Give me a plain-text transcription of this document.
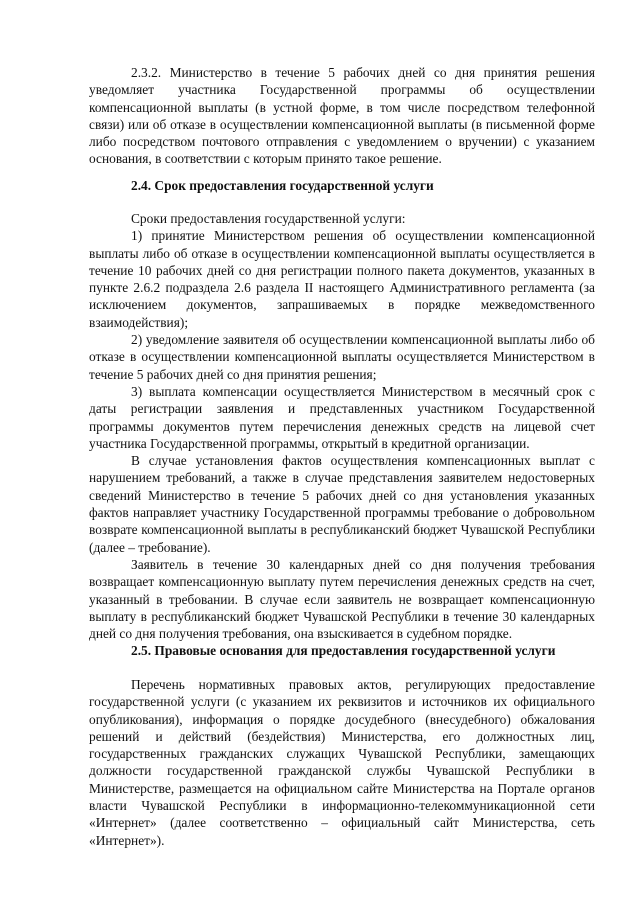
2.3.2. Министерство в течение 5 рабочих дней со дня принятия решения уведомляет участника Государственной программы об осуществлении компенсационной выплаты (в устной форме, в том числе посредством телефонной связи) или об отказе в осуществлении компенсационной выплаты (в письменной форме либо посредством почтового отправления с уведомлением о вручении) с указанием основания, в соответствии с которым принято такое решение.

2.4. Срок предоставления государственной услуги

Сроки предоставления государственной услуги:

1) принятие Министерством решения об осуществлении компенсационной выплаты либо об отказе в осуществлении компенсационной выплаты осуществляется в течение 10 рабочих дней со дня регистрации полного пакета документов, указанных в пункте 2.6.2 подраздела 2.6 раздела II настоящего Административного регламента (за исключением документов, запрашиваемых в порядке межведомственного взаимодействия);

2) уведомление заявителя об осуществлении компенсационной выплаты либо об отказе в осуществлении компенсационной выплаты осуществляется Министерством в течение 5 рабочих дней со дня принятия решения;

3) выплата компенсации осуществляется Министерством в месячный срок с даты регистрации заявления и представленных участником Государственной программы документов путем перечисления денежных средств на лицевой счет участника Государственной программы, открытый в кредитной организации.

В случае установления фактов осуществления компенсационных выплат с нарушением требований, а также в случае представления заявителем недостоверных сведений Министерство в течение 5 рабочих дней со дня установления указанных фактов направляет участнику Государственной программы требование о добровольном возврате компенсационной выплаты в республиканский бюджет Чувашской Республики (далее – требование).

Заявитель в течение 30 календарных дней со дня получения требования возвращает компенсационную выплату путем перечисления денежных средств на счет, указанный в требовании. В случае если заявитель не возвращает компенсационную выплату в республиканский бюджет Чувашской Республики в течение 30 календарных дней со дня получения требования, она взыскивается в судебном порядке.

2.5. Правовые основания для предоставления государственной услуги

Перечень нормативных правовых актов, регулирующих предоставление государственной услуги (с указанием их реквизитов и источников их официального опубликования), информация о порядке досудебного (внесудебного) обжалования решений и действий (бездействия) Министерства, его должностных лиц, государственных гражданских служащих Чувашской Республики, замещающих должности государственной гражданской службы Чувашской Республики в Министерстве, размещается на официальном сайте Министерства на Портале органов власти Чувашской Республики в информационно-телекоммуникационной сети «Интернет» (далее соответственно – официальный сайт Министерства, сеть «Интернет»).
